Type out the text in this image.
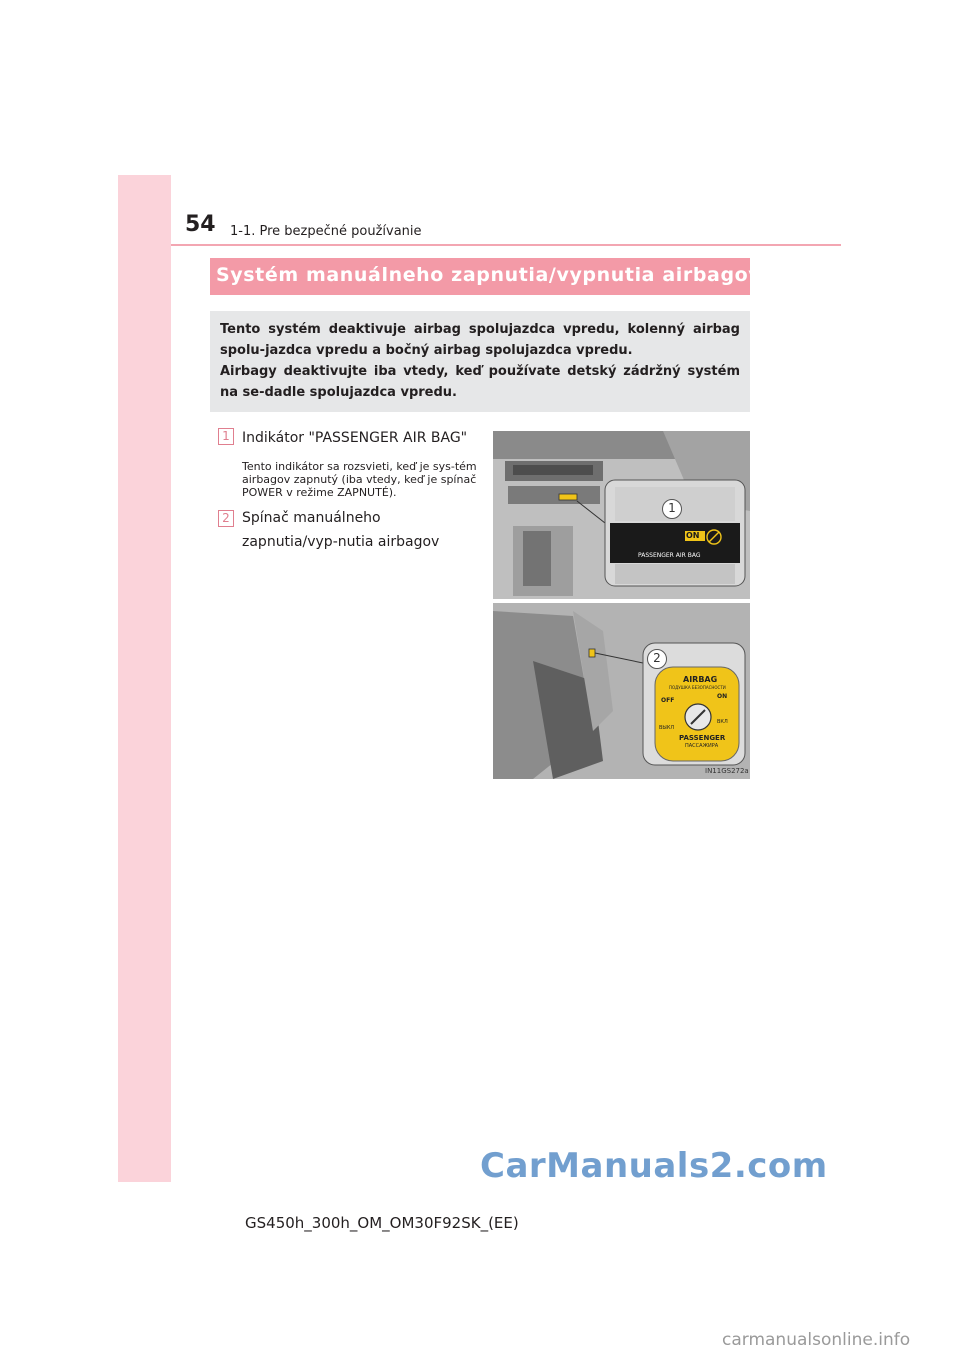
54 1-1. Pre bezpečné používanie
Systém manuálneho zapnutia/vypnutia airbagov

Tento systém deaktivuje airbag spolujazdca vpredu, kolenný airbag spolu-jazdca vpredu a bočný airbag spolujazdca vpredu.

Airbagy deaktivujte iba vtedy, keď používate detský zádržný systém na se-dadle spolujazdca vpredu.

1 Indikátor "PASSENGER AIR BAG"
Tento indikátor sa rozsvieti, keď je sys-tém airbagov zapnutý (iba vtedy, keď je spínač POWER v režime ZAPNUTÉ).
2 Spínač manuálneho zapnutia/vyp-nutia airbagov
1
2
ON
PASSENGER AIR BAG
AIRBAG
ПОДУШКА БЕЗОПАСНОСТИ
OFF
ON
ВЫКЛ
ВКЛ
PASSENGER
ПАССАЖИРА
IN11GS272a
CarManuals2.com
GS450h_300h_OM_OM30F92SK_(EE)
carmanualsonline.info
